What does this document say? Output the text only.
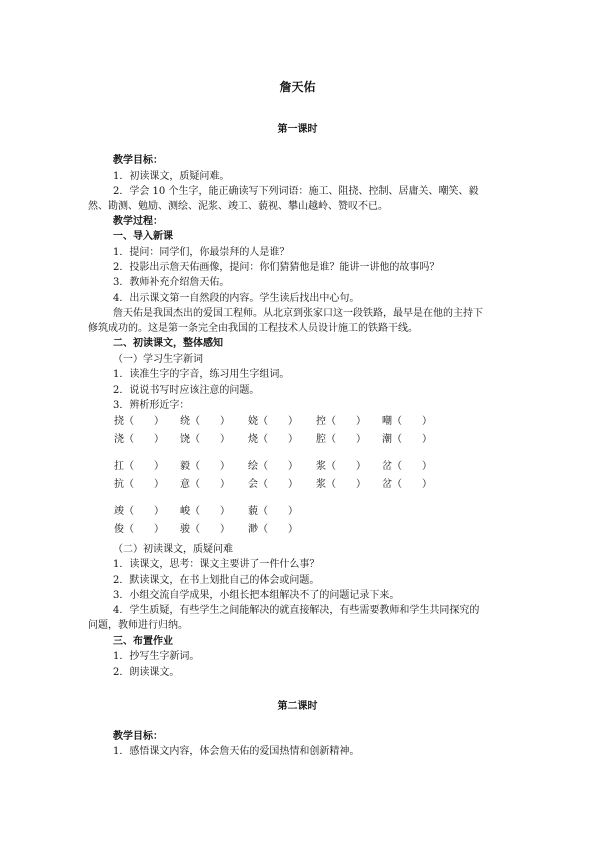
詹天佑
第一课时
教学目标：
1．初读课文，质疑问难。
2．学会 10 个生字，能正确读写下列词语：施工、阻挠、控制、居庸关、嘲笑、毅
然、勘测、勉励、测绘、泥浆、竣工、藐视、攀山越岭、赞叹不已。
教学过程：
一、导入新课
1．提问：同学们，你最崇拜的人是谁？
2．投影出示詹天佑画像，提问：你们猜猜他是谁？能讲一讲他的故事吗？
3．教师补充介绍詹天佑。
4．出示课文第一自然段的内容。学生读后找出中心句。
詹天佑是我国杰出的爱国工程师。从北京到张家口这一段铁路，最早是在他的主持下
修筑成功的。这是第一条完全由我国的工程技术人员设计施工的铁路干线。
二、初读课文，整体感知
（一）学习生字新词
1．读准生字的字音，练习用生字组词。
2．说说书写时应该注意的问题。
3．辨析形近字：
挠（　　） 绕（　　） 娆（　　） 控（　　） 嘲（　　）
浇（　　） 饶（　　） 烧（　　） 腔（　　） 潮（　　）
扛（　　） 毅（　　） 绘（　　） 浆（　　） 岔（　　）
抗（　　） 意（　　） 会（　　） 浆（　　） 岔（　　）
竣（　　） 峻（　　） 藐（　　）
俊（　　） 骏（　　） 渺（　　）
（二）初读课文，质疑问难
1．读课文，思考：课文主要讲了一件什么事？
2．默读课文，在书上划批自己的体会或问题。
3．小组交流自学成果，小组长把本组解决不了的问题记录下来。
4．学生质疑，有些学生之间能解决的就直接解决，有些需要教师和学生共同探究的
问题，教师进行归纳。
三、布置作业
1．抄写生字新词。
2．朗读课文。
第二课时
教学目标：
1．感悟课文内容，体会詹天佑的爱国热情和创新精神。
